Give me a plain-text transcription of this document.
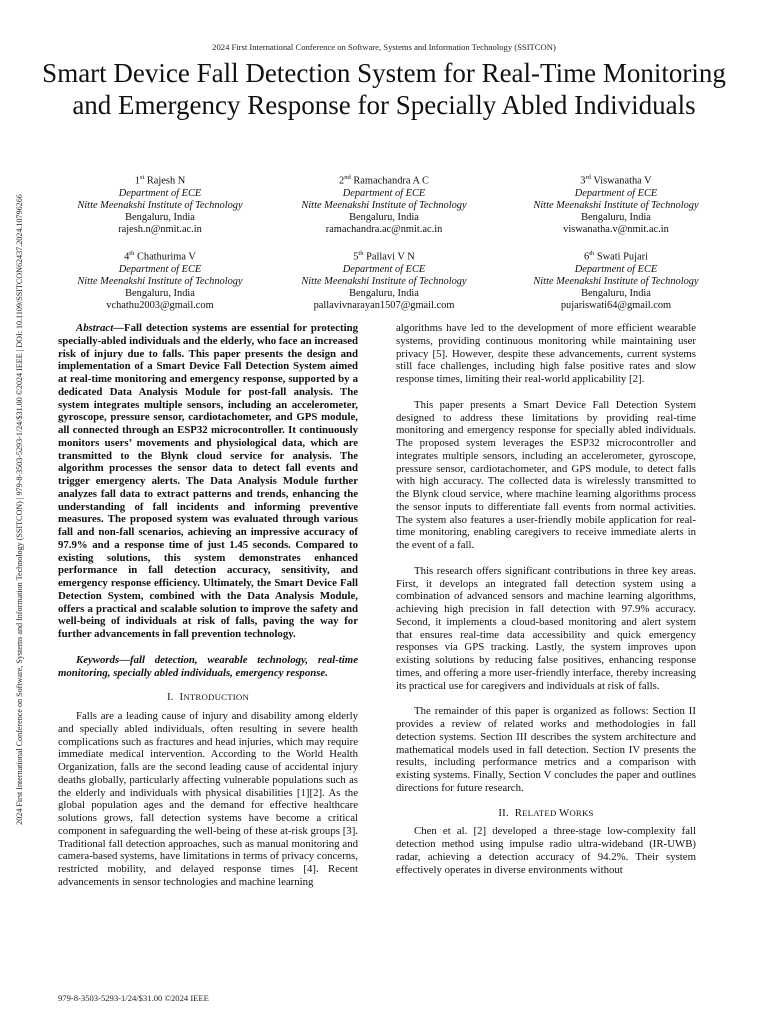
2024 First International Conference on Software, Systems and Information Technology (SSITCON) | 979-8-3503-5293-1/24/$31.00 ©2024 IEEE | DOI: 10.1109/SSITCON62437.2024.10796266
2024 First International Conference on Software, Systems and Information Technology (SSITCON)
Smart Device Fall Detection System for Real-Time Monitoring and Emergency Response for Specially Abled Individuals
1st Rajesh N
Department of ECE
Nitte Meenakshi Institute of Technology
Bengaluru, India
rajesh.n@nmit.ac.in
2nd Ramachandra A C
Department of ECE
Nitte Meenakshi Institute of Technology
Bengaluru, India
ramachandra.ac@nmit.ac.in
3rd Viswanatha V
Department of ECE
Nitte Meenakshi Institute of Technology
Bengaluru, India
viswanatha.v@nmit.ac.in
4th Chathurima V
Department of ECE
Nitte Meenakshi Institute of Technology
Bengaluru, India
vchathu2003@gmail.com
5th Pallavi V N
Department of ECE
Nitte Meenakshi Institute of Technology
Bengaluru, India
pallavivnarayan1507@gmail.com
6th Swati Pujari
Department of ECE
Nitte Meenakshi Institute of Technology
Bengaluru, India
pujariswati64@gmail.com

Abstract—Fall detection systems are essential for protecting specially-abled individuals and the elderly, who face an increased risk of injury due to falls. This paper presents the design and implementation of a Smart Device Fall Detection System aimed at real-time monitoring and emergency response, supported by a dedicated Data Analysis Module for post-fall analysis. The system integrates multiple sensors, including an accelerometer, gyroscope, pressure sensor, cardiotachometer, and GPS module, all connected through an ESP32 microcontroller. It continuously monitors users’ movements and physiological data, which are transmitted to the Blynk cloud service for analysis. The algorithm processes the sensor data to detect fall events and trigger emergency alerts. The Data Analysis Module further analyzes fall data to extract patterns and trends, enhancing the understanding of fall incidents and informing preventive measures. The proposed system was evaluated through various fall and non-fall scenarios, achieving an impressive accuracy of 97.9% and a response time of just 1.45 seconds. Compared to existing solutions, this system demonstrates enhanced performance in fall detection accuracy, sensitivity, and emergency response efficiency. Ultimately, the Smart Device Fall Detection System, combined with the Data Analysis Module, offers a practical and scalable solution to improve the safety and well-being of individuals at risk of falls, paving the way for further advancements in fall prevention technology.

Keywords—fall detection, wearable technology, real-time monitoring, specially abled individuals, emergency response.

I. INTRODUCTION

Falls are a leading cause of injury and disability among elderly and specially abled individuals, often resulting in severe health complications such as fractures and head injuries, which may require immediate medical intervention. According to the World Health Organization, falls are the second leading cause of accidental injury deaths globally, particularly affecting vulnerable populations such as the elderly and individuals with physical disabilities [1][2]. As the global population ages and the demand for effective healthcare solutions grows, fall detection systems have become a critical component in safeguarding the well-being of these at-risk groups [3]. Traditional fall detection approaches, such as manual monitoring and camera-based systems, have limitations in terms of privacy concerns, restricted mobility, and delayed response times [4]. Recent advancements in sensor technologies and machine learning

algorithms have led to the development of more efficient wearable systems, providing continuous monitoring while maintaining user privacy [5]. However, despite these advancements, current systems still face challenges, including high false positive rates and slow response times, limiting their real-world applicability [2].

This paper presents a Smart Device Fall Detection System designed to address these limitations by providing real-time monitoring and emergency response for specially abled individuals. The proposed system leverages the ESP32 microcontroller and integrates multiple sensors, including an accelerometer, gyroscope, pressure sensor, cardiotachometer, and GPS module, to detect falls with high accuracy. The collected data is wirelessly transmitted to the Blynk cloud service, where machine learning algorithms process the sensor inputs to differentiate fall events from normal activities. The system also features a user-friendly mobile application for real-time monitoring, enabling caregivers to receive immediate alerts in the event of a fall.

This research offers significant contributions in three key areas. First, it develops an integrated fall detection system using a combination of advanced sensors and machine learning algorithms, achieving high precision in fall detection with 97.9% accuracy. Second, it implements a cloud-based monitoring and alert system that ensures real-time data accessibility and quick emergency responses via GPS tracking. Lastly, the system improves upon existing solutions by reducing false positives, enhancing response times, and offering a more user-friendly interface, thereby increasing its practical use for caregivers and individuals at risk of falls.

The remainder of this paper is organized as follows: Section II provides a review of related works and methodologies in fall detection systems. Section III describes the system architecture and mathematical models used in fall detection. Section IV presents the results, including performance metrics and a comparison with existing systems. Finally, Section V concludes the paper and outlines directions for future research.

II. RELATED WORKS

Chen et al. [2] developed a three-stage low-complexity fall detection method using impulse radio ultra-wideband (IR-UWB) radar, achieving a detection accuracy of 94.2%. Their system effectively operates in diverse environments without

979-8-3503-5293-1/24/$31.00 ©2024 IEEE
